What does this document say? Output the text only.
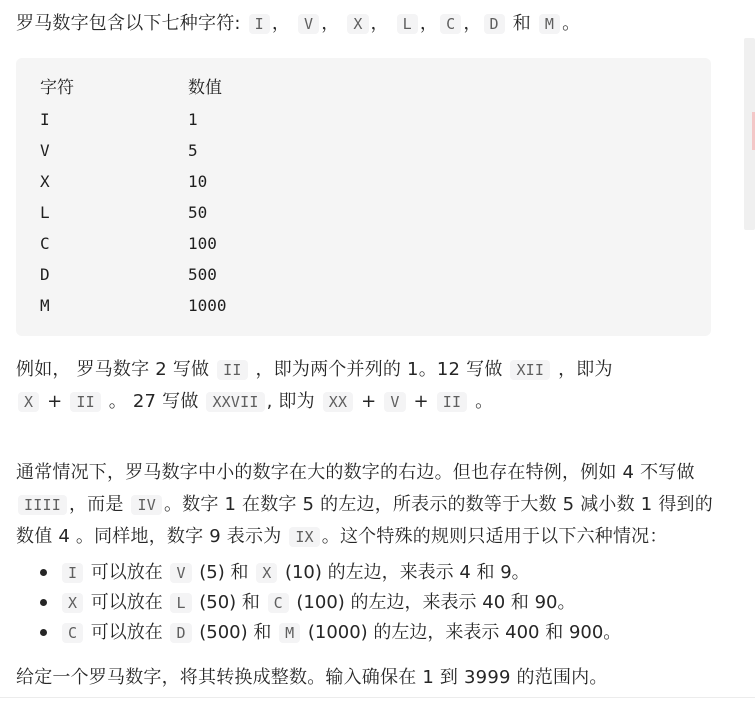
罗马数字包含以下七种字符: I ， V ， X ， L ， C ， D 和 M 。

字符	数值
I	1
V	5
X	10
L	50
C	100
D	500
M	1000

例如， 罗马数字 2 写做 II ，即为两个并列的 1。12 写做 XII ，即为 X + II 。 27 写做 XXVII , 即为 XX + V + II 。

通常情况下，罗马数字中小的数字在大的数字的右边。但也存在特例，例如 4 不写做 IIII ，而是 IV 。数字 1 在数字 5 的左边，所表示的数等于大数 5 减小数 1 得到的数值 4 。同样地，数字 9 表示为 IX 。这个特殊的规则只适用于以下六种情况：

I 可以放在 V (5) 和 X (10) 的左边，来表示 4 和 9。
X 可以放在 L (50) 和 C (100) 的左边，来表示 40 和 90。
C 可以放在 D (500) 和 M (1000) 的左边，来表示 400 和 900。

给定一个罗马数字，将其转换成整数。输入确保在 1 到 3999 的范围内。
